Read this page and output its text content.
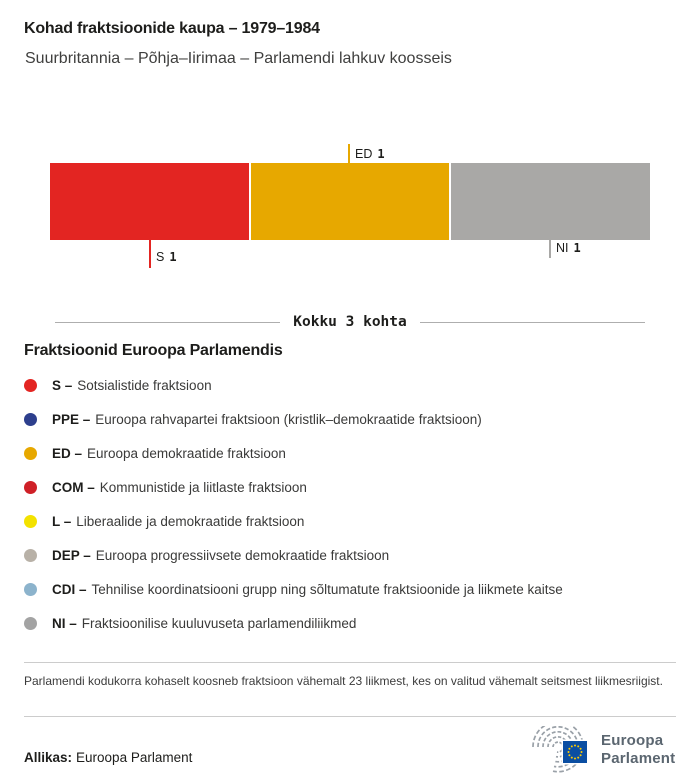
Kohad fraktsioonide kaupa – 1979–1984
Suurbritannia – Põhja–Iirimaa – Parlamendi lahkuv koosseis
ED 1
S 1
NI 1
Kokku 3 kohta
Fraktsioonid Euroopa Parlamendis
S – Sotsialistide fraktsioon
PPE – Euroopa rahvapartei fraktsioon (kristlik–demokraatide fraktsioon)
ED – Euroopa demokraatide fraktsioon
COM – Kommunistide ja liitlaste fraktsioon
L – Liberaalide ja demokraatide fraktsioon
DEP – Euroopa progressiivsete demokraatide fraktsioon
CDI – Tehnilise koordinatsiooni grupp ning sõltumatute fraktsioonide ja liikmete kaitse
NI – Fraktsioonilise kuuluvuseta parlamendiliikmed
Parlamendi kodukorra kohaselt koosneb fraktsioon vähemalt 23 liikmest, kes on valitud vähemalt seitsmest liikmesriigist.
Allikas: Euroopa Parlament
Euroopa
Parlament
